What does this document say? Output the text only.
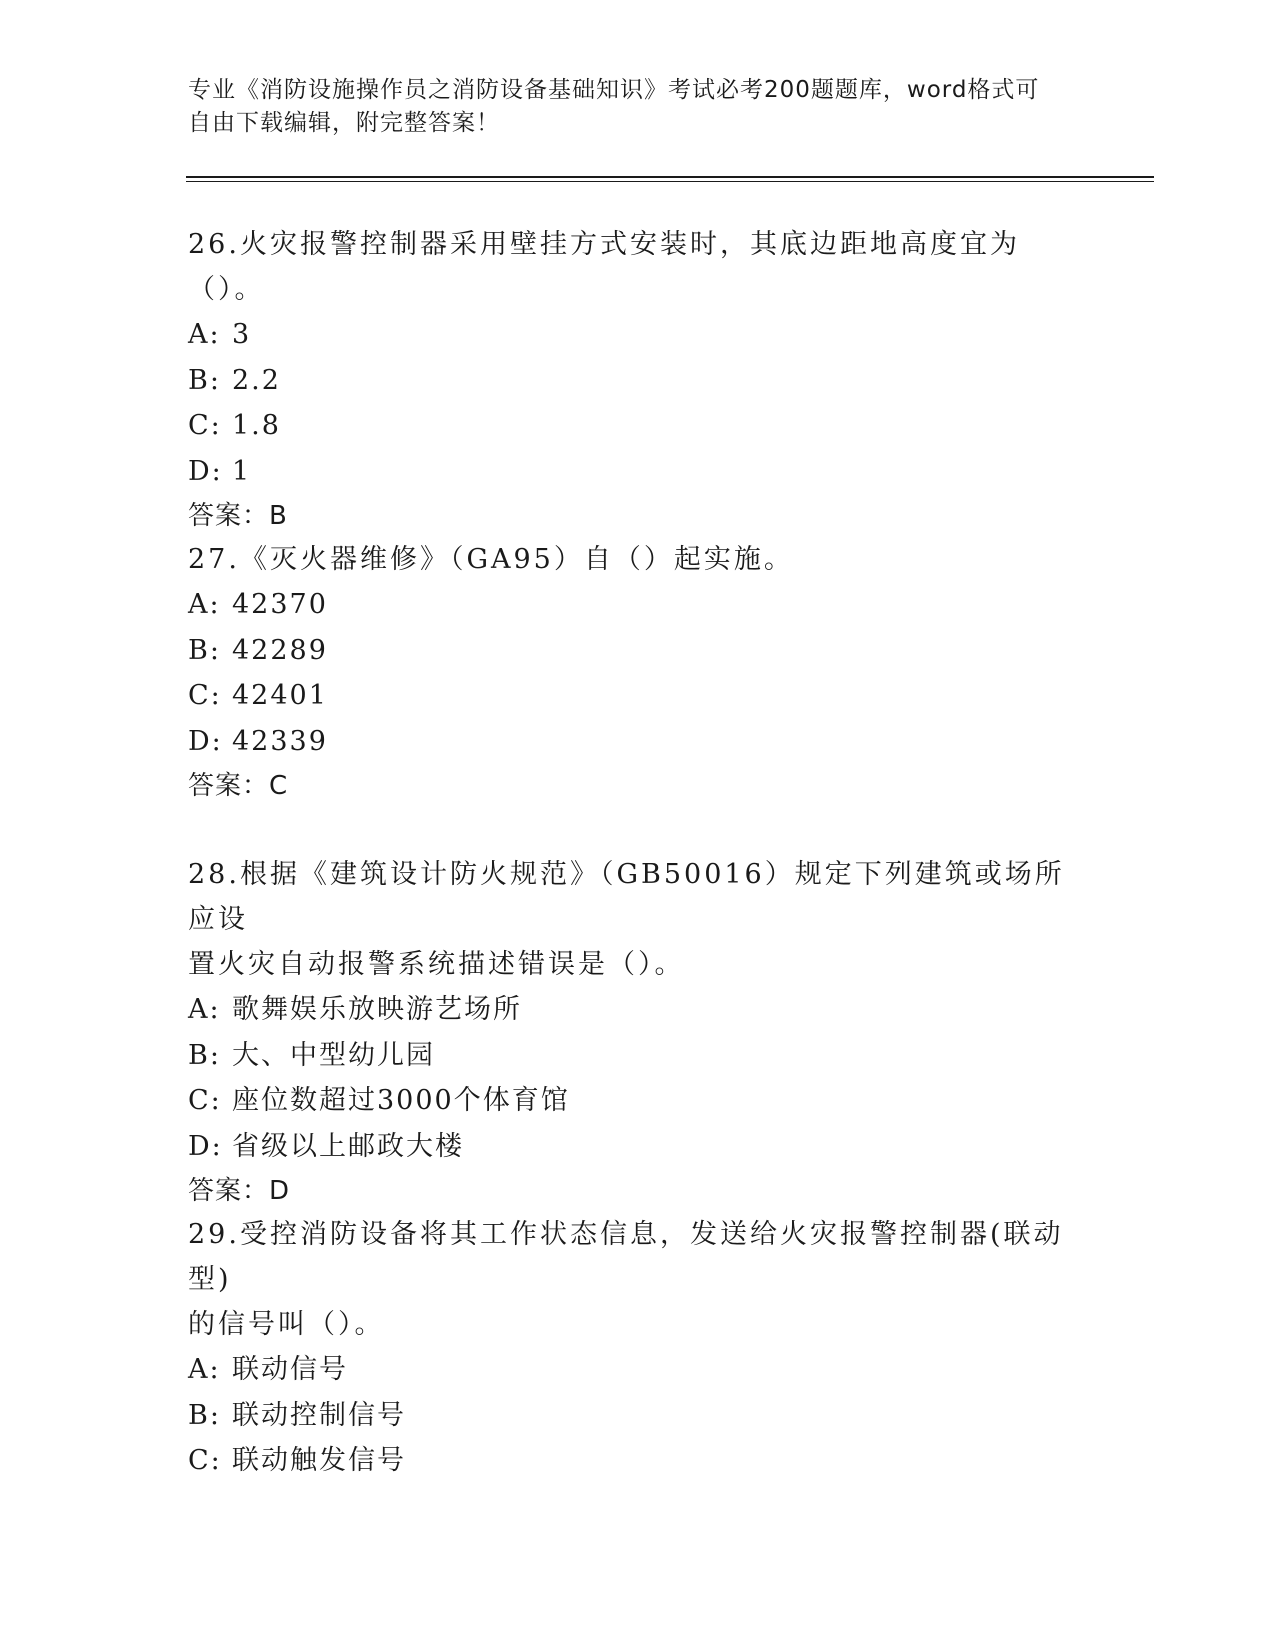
专业《消防设施操作员之消防设备基础知识》考试必考200题题库，word格式可
自由下载编辑，附完整答案！
26.火灾报警控制器采用壁挂方式安装时，其底边距地高度宜为（）。
A: 3
B: 2.2
C: 1.8
D: 1
答案：B
27.《灭火器维修》（GA95）自（）起实施。
A: 42370
B: 42289
C: 42401
D: 42339
答案：C
28.根据《建筑设计防火规范》（GB50016）规定下列建筑或场所应设
置火灾自动报警系统描述错误是（）。
A: 歌舞娱乐放映游艺场所
B: 大、中型幼儿园
C: 座位数超过3000个体育馆
D: 省级以上邮政大楼
答案：D
29.受控消防设备将其工作状态信息，发送给火灾报警控制器(联动型)
的信号叫（）。
A: 联动信号
B: 联动控制信号
C: 联动触发信号
